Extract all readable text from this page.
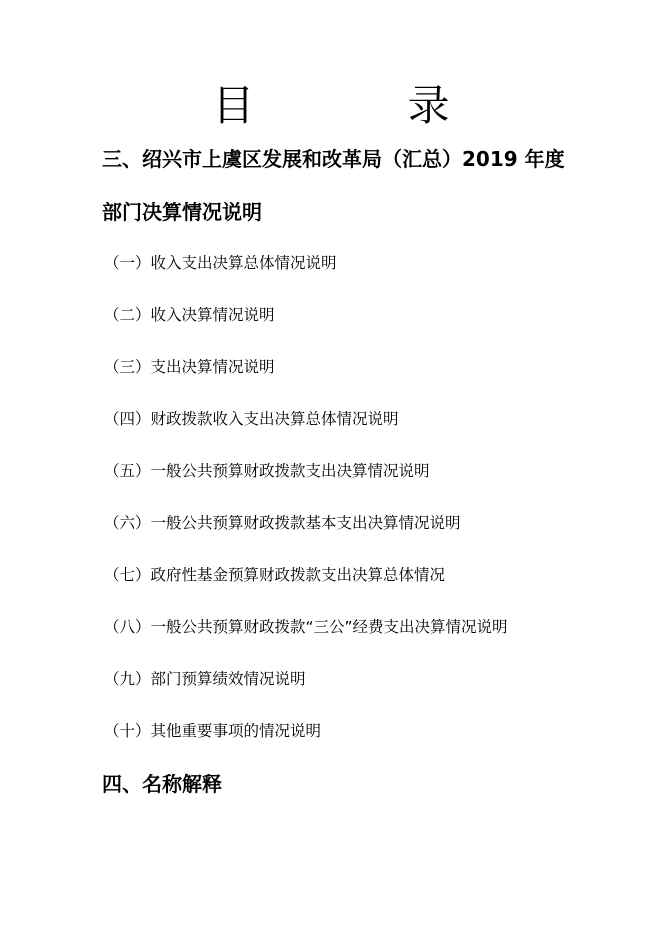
目 录
三、绍兴市上虞区发展和改革局（汇总）2019 年度
部门决算情况说明
（一）收入支出决算总体情况说明
（二）收入决算情况说明
（三）支出决算情况说明
（四）财政拨款收入支出决算总体情况说明
（五）一般公共预算财政拨款支出决算情况说明
（六）一般公共预算财政拨款基本支出决算情况说明
（七）政府性基金预算财政拨款支出决算总体情况
（八）一般公共预算财政拨款“三公”经费支出决算情况说明
（九）部门预算绩效情况说明
（十）其他重要事项的情况说明
四、名称解释
